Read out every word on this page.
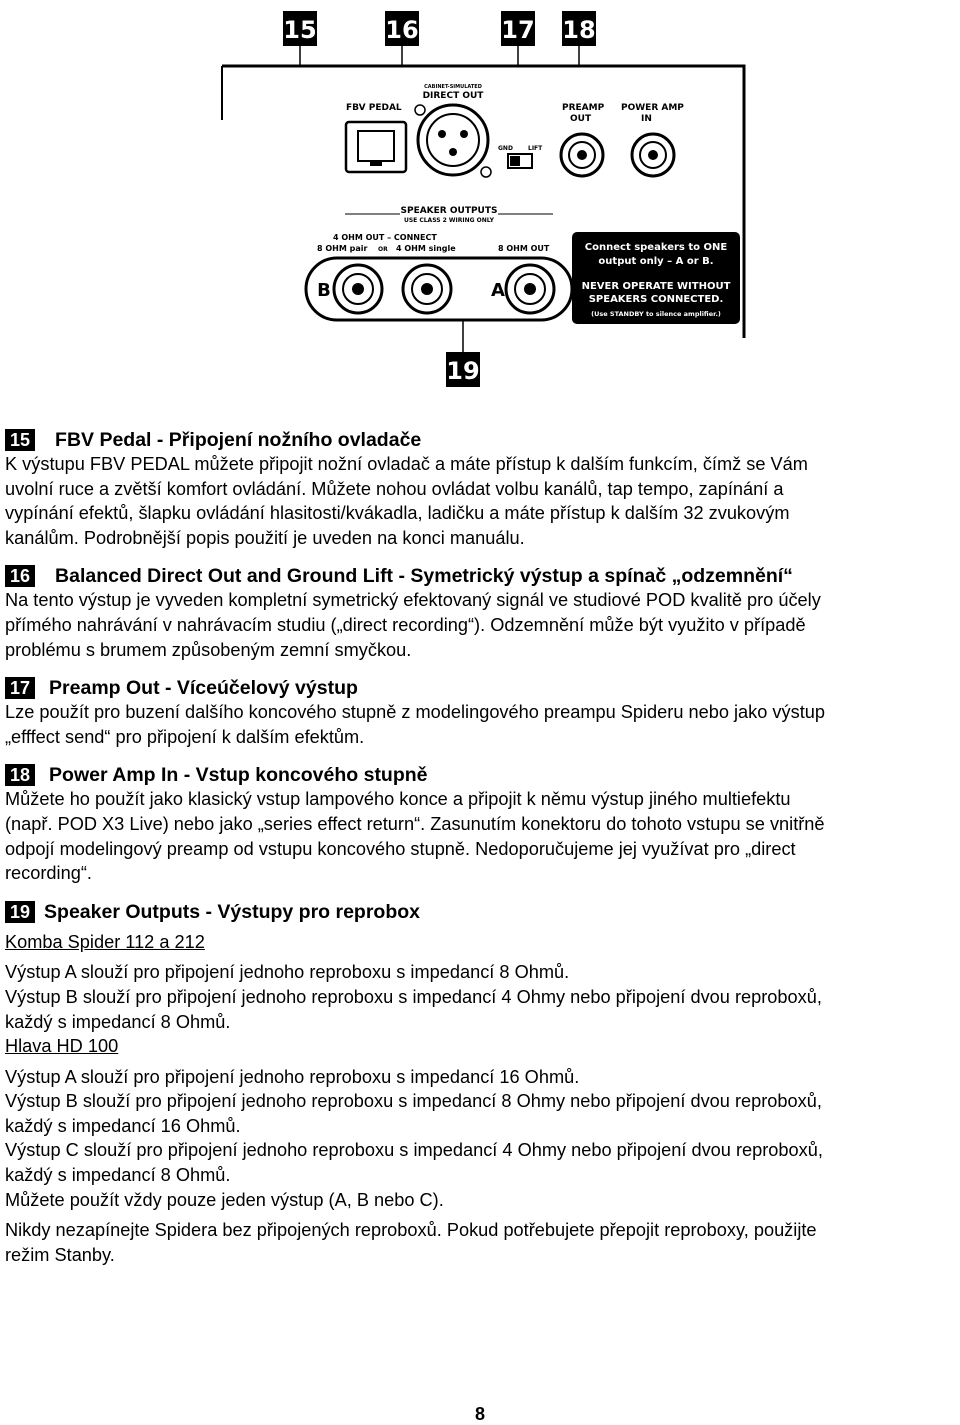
15	16	17 18
19
FBV PEDAL
CABINET-SIMULATED
DIRECT OUT
GND	LIFT
PREAMP
OUT
POWER AMP
IN
SPEAKER OUTPUTS
USE CLASS 2 WIRING ONLY
4 OHM OUT – CONNECT
8 OHM pair OR 4 OHM single	8 OHM OUT
B	A
Connect speakers to ONE
output only – A or B.
NEVER OPERATE WITHOUT
SPEAKERS CONNECTED.
(Use STANDBY to silence amplifier.)
15 FBV Pedal - Připojení nožního ovladače

K výstupu FBV PEDAL můžete připojit nožní ovladač a máte přístup k dalším funkcím, čímž se Vám

uvolní ruce a zvětší komfort ovládání. Můžete nohou ovládat volbu kanálů, tap tempo, zapínání a

vypínání efektů, šlapku ovládání hlasitosti/kvákadla, ladičku a máte přístup k dalším 32 zvukovým

kanálům. Podrobnější popis použití je uveden na konci manuálu.

16 Balanced Direct Out and Ground Lift - Symetrický výstup a spínač „odzemnění“

Na tento výstup je vyveden kompletní symetrický efektovaný signál ve studiové POD kvalitě pro účely

přímého nahrávání v nahrávacím studiu („direct recording“). Odzemnění může být využito v případě

problému s brumem způsobeným zemní smyčkou.

17 Preamp Out - Víceúčelový výstup

Lze použít pro buzení dalšího koncového stupně z modelingového preampu Spideru nebo jako výstup

„efffect send“ pro připojení k dalším efektům.

18 Power Amp In - Vstup koncového stupně

Můžete ho použít jako klasický vstup lampového konce a připojit k němu výstup jiného multiefektu

(např. POD X3 Live) nebo jako „series effect return“. Zasunutím konektoru do tohoto vstupu se vnitřně

odpojí modelingový preamp od vstupu koncového stupně. Nedoporučujeme jej využívat pro „direct

recording“.

19 Speaker Outputs - Výstupy pro reprobox

Komba Spider 112 a 212

Výstup A slouží pro připojení jednoho reproboxu s impedancí 8 Ohmů.

Výstup B slouží pro připojení jednoho reproboxu s impedancí 4 Ohmy nebo připojení dvou reproboxů,

každý s impedancí 8 Ohmů.

Hlava HD 100

Výstup A slouží pro připojení jednoho reproboxu s impedancí 16 Ohmů.

Výstup B slouží pro připojení jednoho reproboxu s impedancí 8 Ohmy nebo připojení dvou reproboxů,

každý s impedancí 16 Ohmů.

Výstup C slouží pro připojení jednoho reproboxu s impedancí 4 Ohmy nebo připojení dvou reproboxů,

každý s impedancí 8 Ohmů.

Můžete použít vždy pouze jeden výstup (A, B nebo C).

Nikdy nezapínejte Spidera bez připojených reproboxů. Pokud potřebujete přepojit reproboxy, použijte

režim Stanby.

8
